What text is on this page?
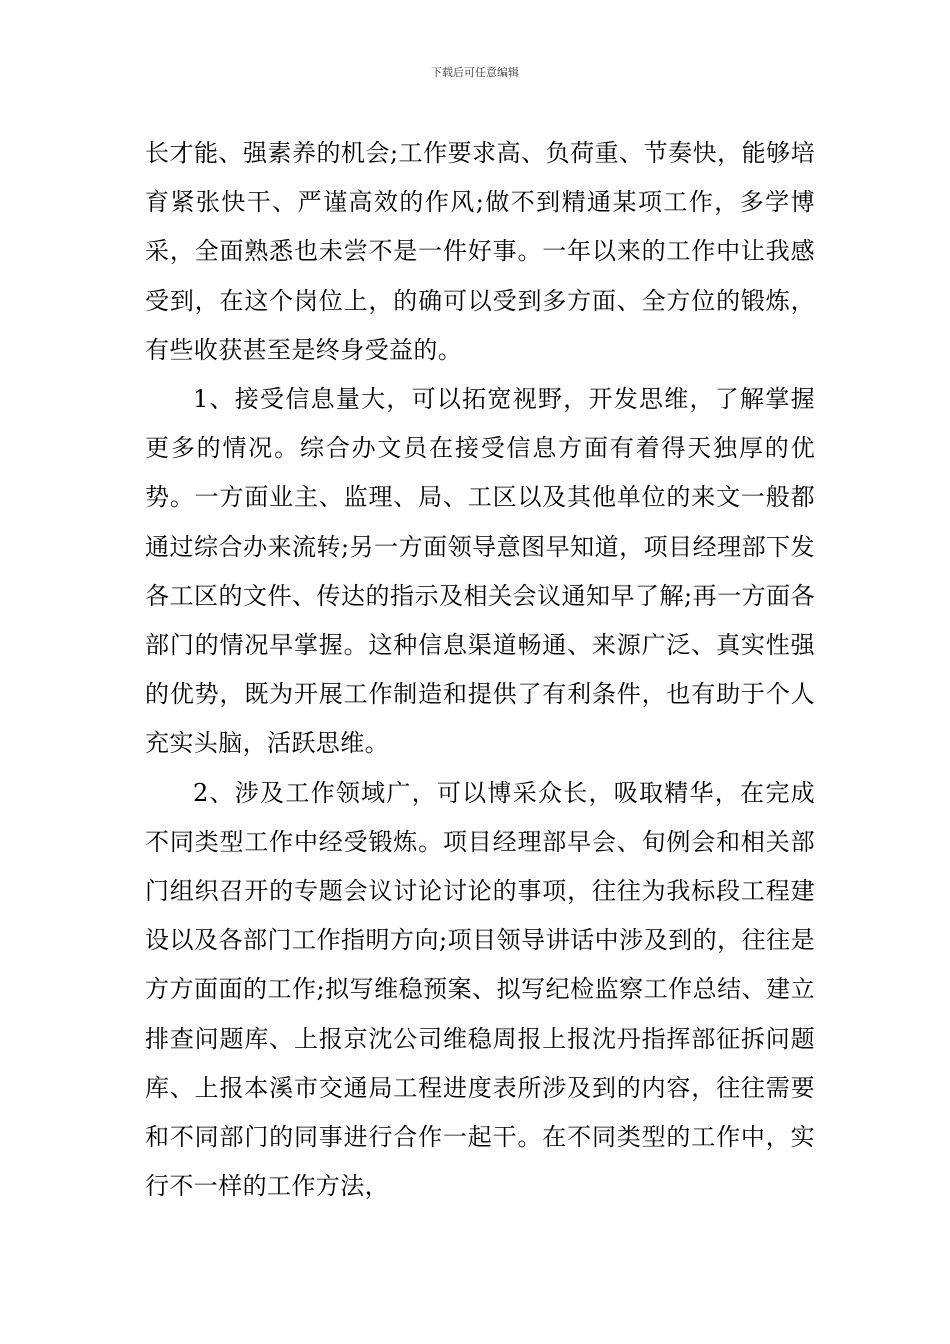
下载后可任意编辑

长才能、强素养的机会;工作要求高、负荷重、节奏快，能够培育紧张快干、严谨高效的作风;做不到精通某项工作，多学博采，全面熟悉也未尝不是一件好事。一年以来的工作中让我感受到，在这个岗位上，的确可以受到多方面、全方位的锻炼，有些收获甚至是终身受益的。

1、接受信息量大，可以拓宽视野，开发思维，了解掌握更多的情况。综合办文员在接受信息方面有着得天独厚的优势。一方面业主、监理、局、工区以及其他单位的来文一般都通过综合办来流转;另一方面领导意图早知道，项目经理部下发各工区的文件、传达的指示及相关会议通知早了解;再一方面各部门的情况早掌握。这种信息渠道畅通、来源广泛、真实性强的优势，既为开展工作制造和提供了有利条件，也有助于个人充实头脑，活跃思维。

2、涉及工作领域广，可以博采众长，吸取精华，在完成不同类型工作中经受锻炼。项目经理部早会、旬例会和相关部门组织召开的专题会议讨论讨论的事项，往往为我标段工程建设以及各部门工作指明方向;项目领导讲话中涉及到的，往往是方方面面的工作;拟写维稳预案、拟写纪检监察工作总结、建立排查问题库、上报京沈公司维稳周报上报沈丹指挥部征拆问题库、上报本溪市交通局工程进度表所涉及到的内容，往往需要和不同部门的同事进行合作一起干。在不同类型的工作中，实行不一样的工作方法，
